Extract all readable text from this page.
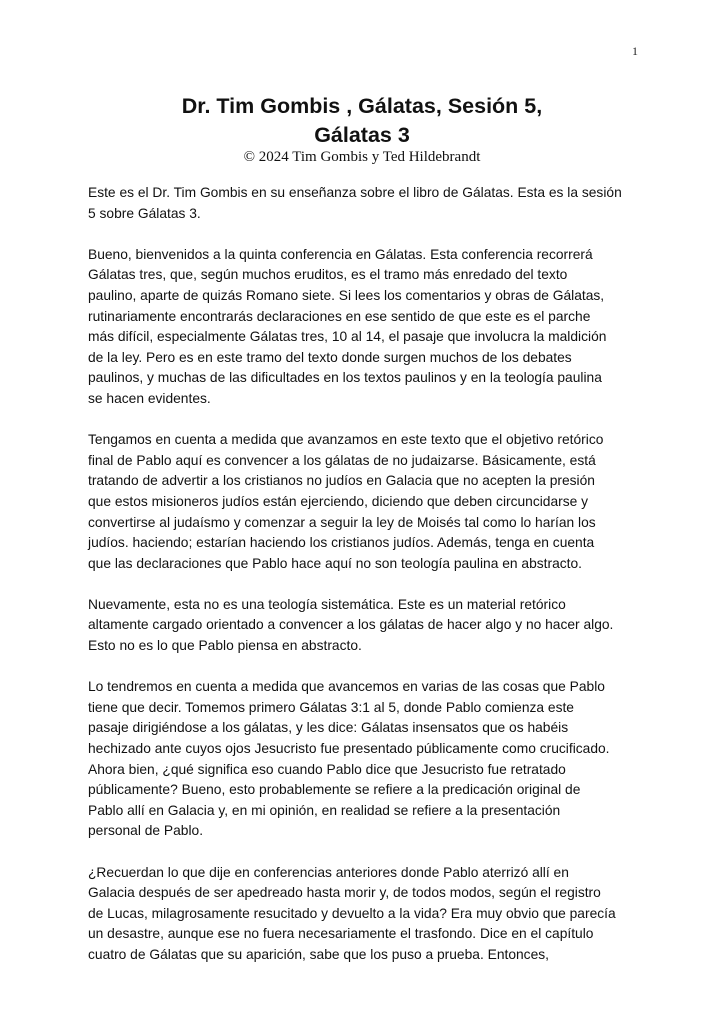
1
Dr. Tim Gombis , Gálatas, Sesión 5,
Gálatas 3
© 2024 Tim Gombis y Ted Hildebrandt
Este es el Dr. Tim Gombis en su enseñanza sobre el libro de Gálatas. Esta es la sesión
5 sobre Gálatas 3.
Bueno, bienvenidos a la quinta conferencia en Gálatas. Esta conferencia recorrerá
Gálatas tres, que, según muchos eruditos, es el tramo más enredado del texto
paulino, aparte de quizás Romano siete. Si lees los comentarios y obras de Gálatas,
rutinariamente encontrarás declaraciones en ese sentido de que este es el parche
más difícil, especialmente Gálatas tres, 10 al 14, el pasaje que involucra la maldición
de la ley. Pero es en este tramo del texto donde surgen muchos de los debates
paulinos, y muchas de las dificultades en los textos paulinos y en la teología paulina
se hacen evidentes.
Tengamos en cuenta a medida que avanzamos en este texto que el objetivo retórico
final de Pablo aquí es convencer a los gálatas de no judaizarse. Básicamente, está
tratando de advertir a los cristianos no judíos en Galacia que no acepten la presión
que estos misioneros judíos están ejerciendo, diciendo que deben circuncidarse y
convertirse al judaísmo y comenzar a seguir la ley de Moisés tal como lo harían los
judíos. haciendo; estarían haciendo los cristianos judíos. Además, tenga en cuenta
que las declaraciones que Pablo hace aquí no son teología paulina en abstracto.
Nuevamente, esta no es una teología sistemática. Este es un material retórico
altamente cargado orientado a convencer a los gálatas de hacer algo y no hacer algo.
Esto no es lo que Pablo piensa en abstracto.
Lo tendremos en cuenta a medida que avancemos en varias de las cosas que Pablo
tiene que decir. Tomemos primero Gálatas 3:1 al 5, donde Pablo comienza este
pasaje dirigiéndose a los gálatas, y les dice: Gálatas insensatos que os habéis
hechizado ante cuyos ojos Jesucristo fue presentado públicamente como crucificado.
Ahora bien, ¿qué significa eso cuando Pablo dice que Jesucristo fue retratado
públicamente? Bueno, esto probablemente se refiere a la predicación original de
Pablo allí en Galacia y, en mi opinión, en realidad se refiere a la presentación
personal de Pablo.
¿Recuerdan lo que dije en conferencias anteriores donde Pablo aterrizó allí en
Galacia después de ser apedreado hasta morir y, de todos modos, según el registro
de Lucas, milagrosamente resucitado y devuelto a la vida? Era muy obvio que parecía
un desastre, aunque ese no fuera necesariamente el trasfondo. Dice en el capítulo
cuatro de Gálatas que su aparición, sabe que los puso a prueba. Entonces,
